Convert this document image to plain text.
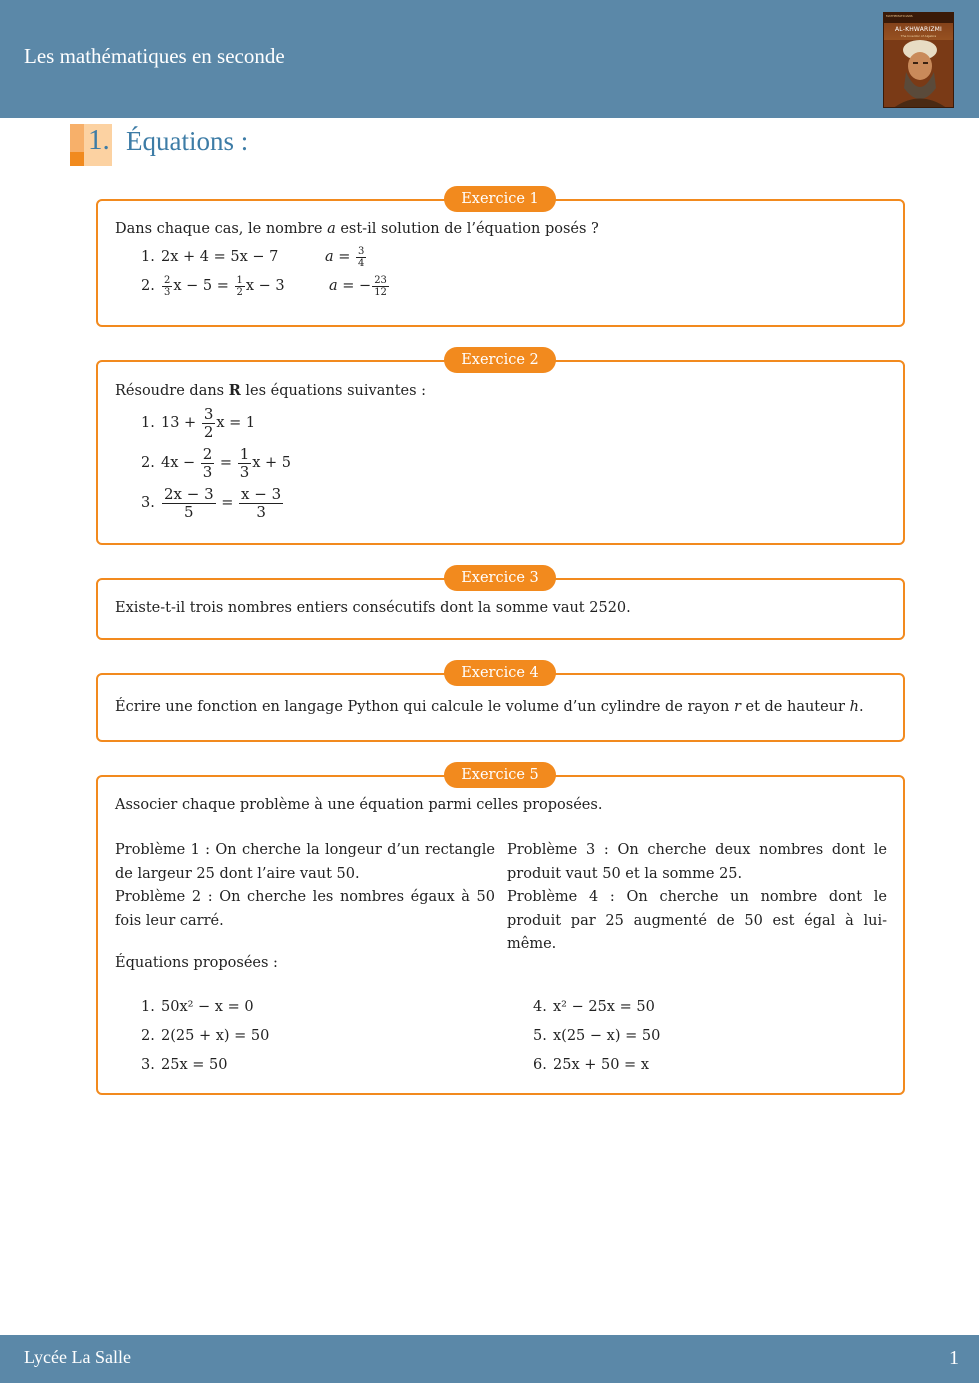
Les mathématiques en seconde
MATHEMATICIANS
AL-KHWARIZMI
The Inventor of Algebra
1. Équations :
Dans chaque cas, le nombre a est-il solution de l’équation posés ?
1. 2x + 4 = 5x − 7	$a = \frac{3}{4}$
2. $\frac{2}{3}$ $x - 5 = \frac{1}{2}$ x − 3	a = − $\frac{23}{12}$
Exercice 1
Résoudre dans R les équations suivantes :
1. $13 + \frac{3}{2}$ x = 1
2. $4x - \frac{2}{3} = \frac{1}{3}$ x + 5
3. $\frac{2x - 3}{5} = \frac{x - 3}{3}$
Exercice 2
Existe-t-il trois nombres entiers consécutifs dont la somme vaut 2520.
Exercice 3
Écrire une fonction en langage Python qui calcule le volume d’un cylindre de rayon r et de hauteur h.
Exercice 4
Associer chaque problème à une équation parmi celles proposées.
Problème 1 : On cherche la longeur d’un rectangle de largeur 25 dont l’aire vaut 50.
Problème 2 : On cherche les nombres égaux à 50 fois leur carré.
Problème 3 : On cherche deux nombres dont le produit vaut 50 et la somme 25.
Problème 4 : On cherche un nombre dont le produit par 25 augmenté de 50 est égal à lui-même.
Équations proposées :
1. 50x² − x = 0
2. 2(25 + x) = 50
3. 25x = 50
4. x² − 25x = 50
5. x(25 − x) = 50
6. 25x + 50 = x
Exercice 5
Lycée La Salle	1
